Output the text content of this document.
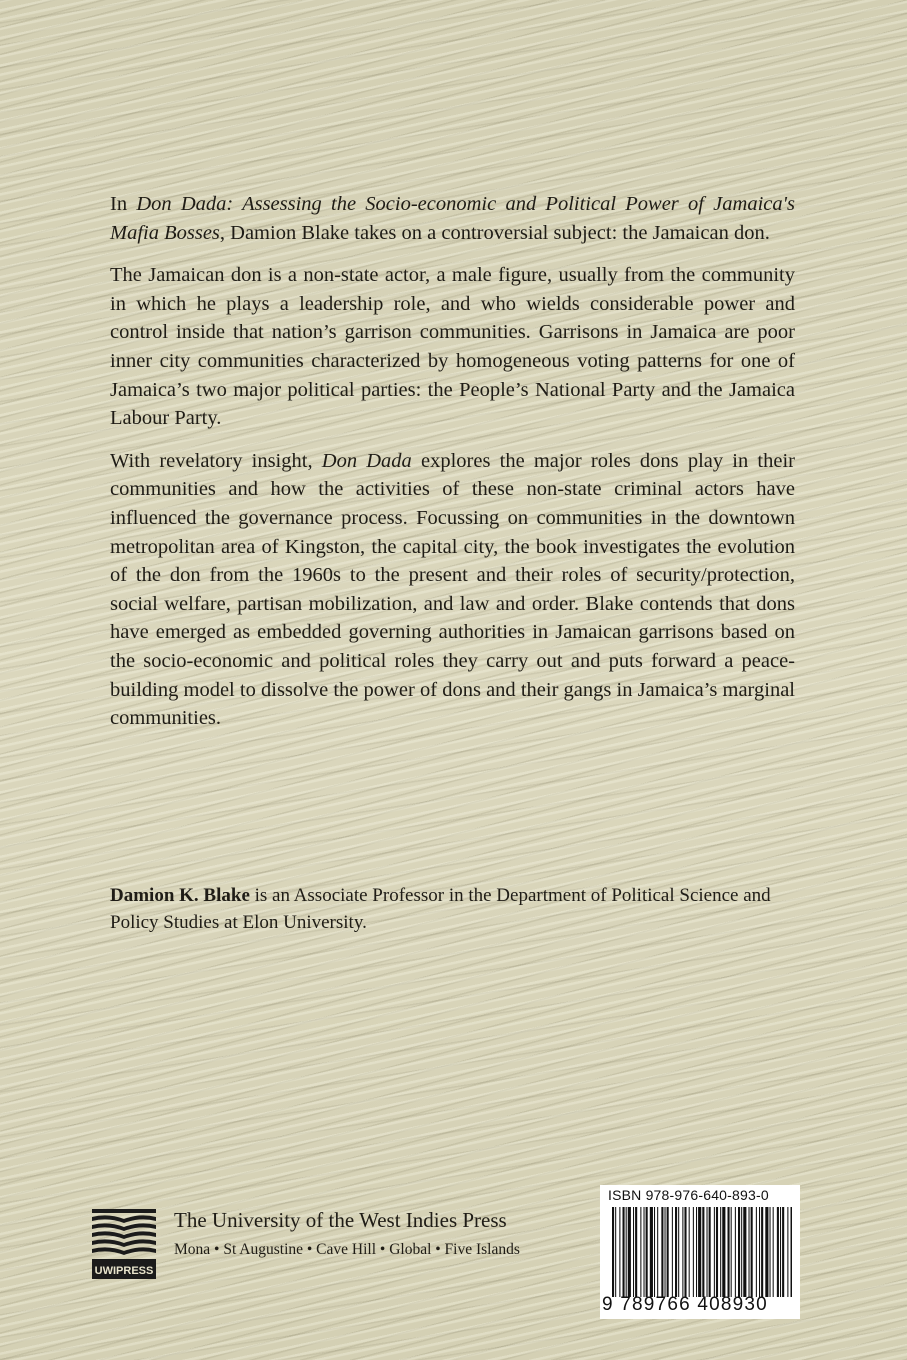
In Don Dada: Assessing the Socio-economic and Political Power of Jamaica's Mafia Bosses, Damion Blake takes on a controversial subject: the Jamaican don.

The Jamaican don is a non-state actor, a male figure, usually from the community in which he plays a leadership role, and who wields considerable power and control inside that nation’s garrison communities. Garrisons in Jamaica are poor inner city communities characterized by homogeneous voting patterns for one of Jamaica’s two major political parties: the People’s National Party and the Jamaica Labour Party.

With revelatory insight, Don Dada explores the major roles dons play in their communities and how the activities of these non-state criminal actors have influenced the governance process. Focussing on communities in the downtown metropolitan area of Kingston, the capital city, the book investigates the evolution of the don from the 1960s to the present and their roles of security/protection, social welfare, partisan mobilization, and law and order. Blake contends that dons have emerged as embedded governing authorities in Jamaican garrisons based on the socio-economic and political roles they carry out and puts forward a peace-building model to dissolve the power of dons and their gangs in Jamaica’s marginal communities.

Damion K. Blake is an Associate Professor in the Department of Political Science and Policy Studies at Elon University.

UWIPRESS
The University of the West Indies Press
Mona • St Augustine • Cave Hill • Global • Five Islands
ISBN 978-976-640-893-0
9 789766 408930
